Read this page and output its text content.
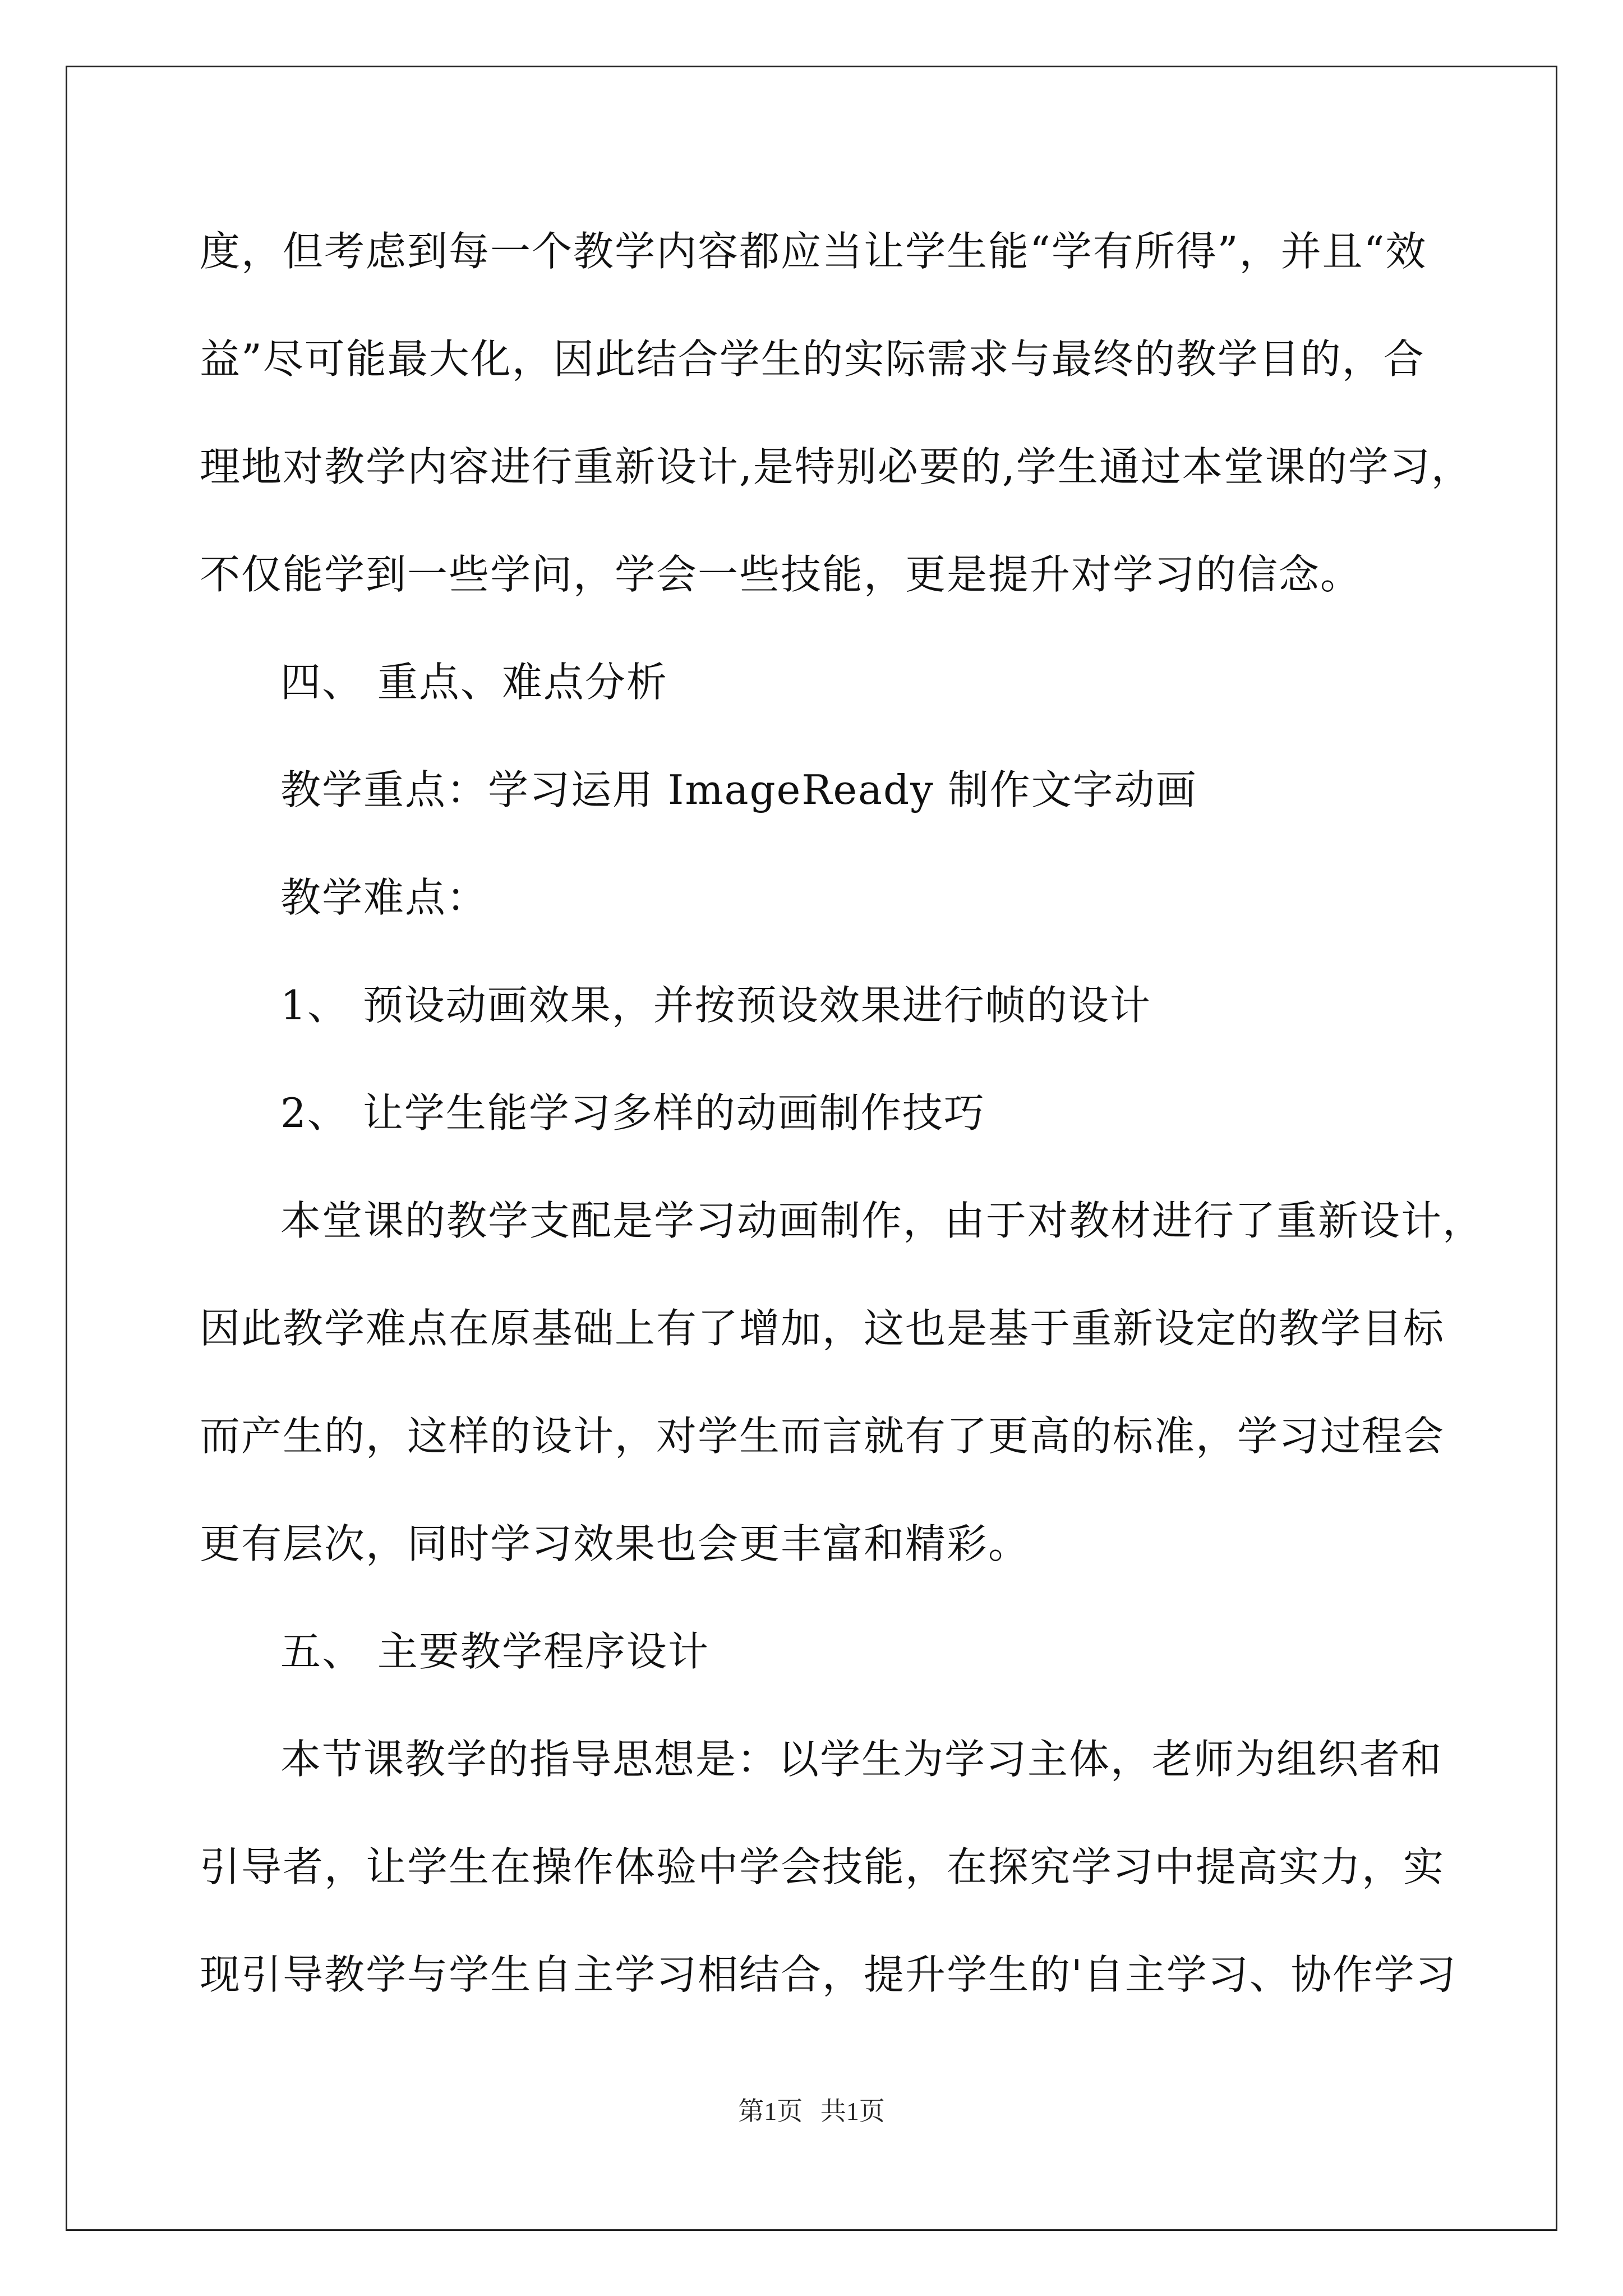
度，但考虑到每一个教学内容都应当让学生能“学有所得”，并且“效
益”尽可能最大化，因此结合学生的实际需求与最终的教学目的，合
理地对教学内容进行重新设计,是特别必要的,学生通过本堂课的学习，
不仅能学到一些学问，学会一些技能，更是提升对学习的信念。
四、 重点、难点分析
教学重点：学习运用 ImageReady 制作文字动画
教学难点：
1、 预设动画效果，并按预设效果进行帧的设计
2、 让学生能学习多样的动画制作技巧
本堂课的教学支配是学习动画制作，由于对教材进行了重新设计，
因此教学难点在原基础上有了增加，这也是基于重新设定的教学目标
而产生的，这样的设计，对学生而言就有了更高的标准，学习过程会
更有层次，同时学习效果也会更丰富和精彩。
五、 主要教学程序设计
本节课教学的指导思想是：以学生为学习主体，老师为组织者和
引导者，让学生在操作体验中学会技能，在探究学习中提高实力，实
现引导教学与学生自主学习相结合，提升学生的'自主学习、协作学习
第1页 共1页
